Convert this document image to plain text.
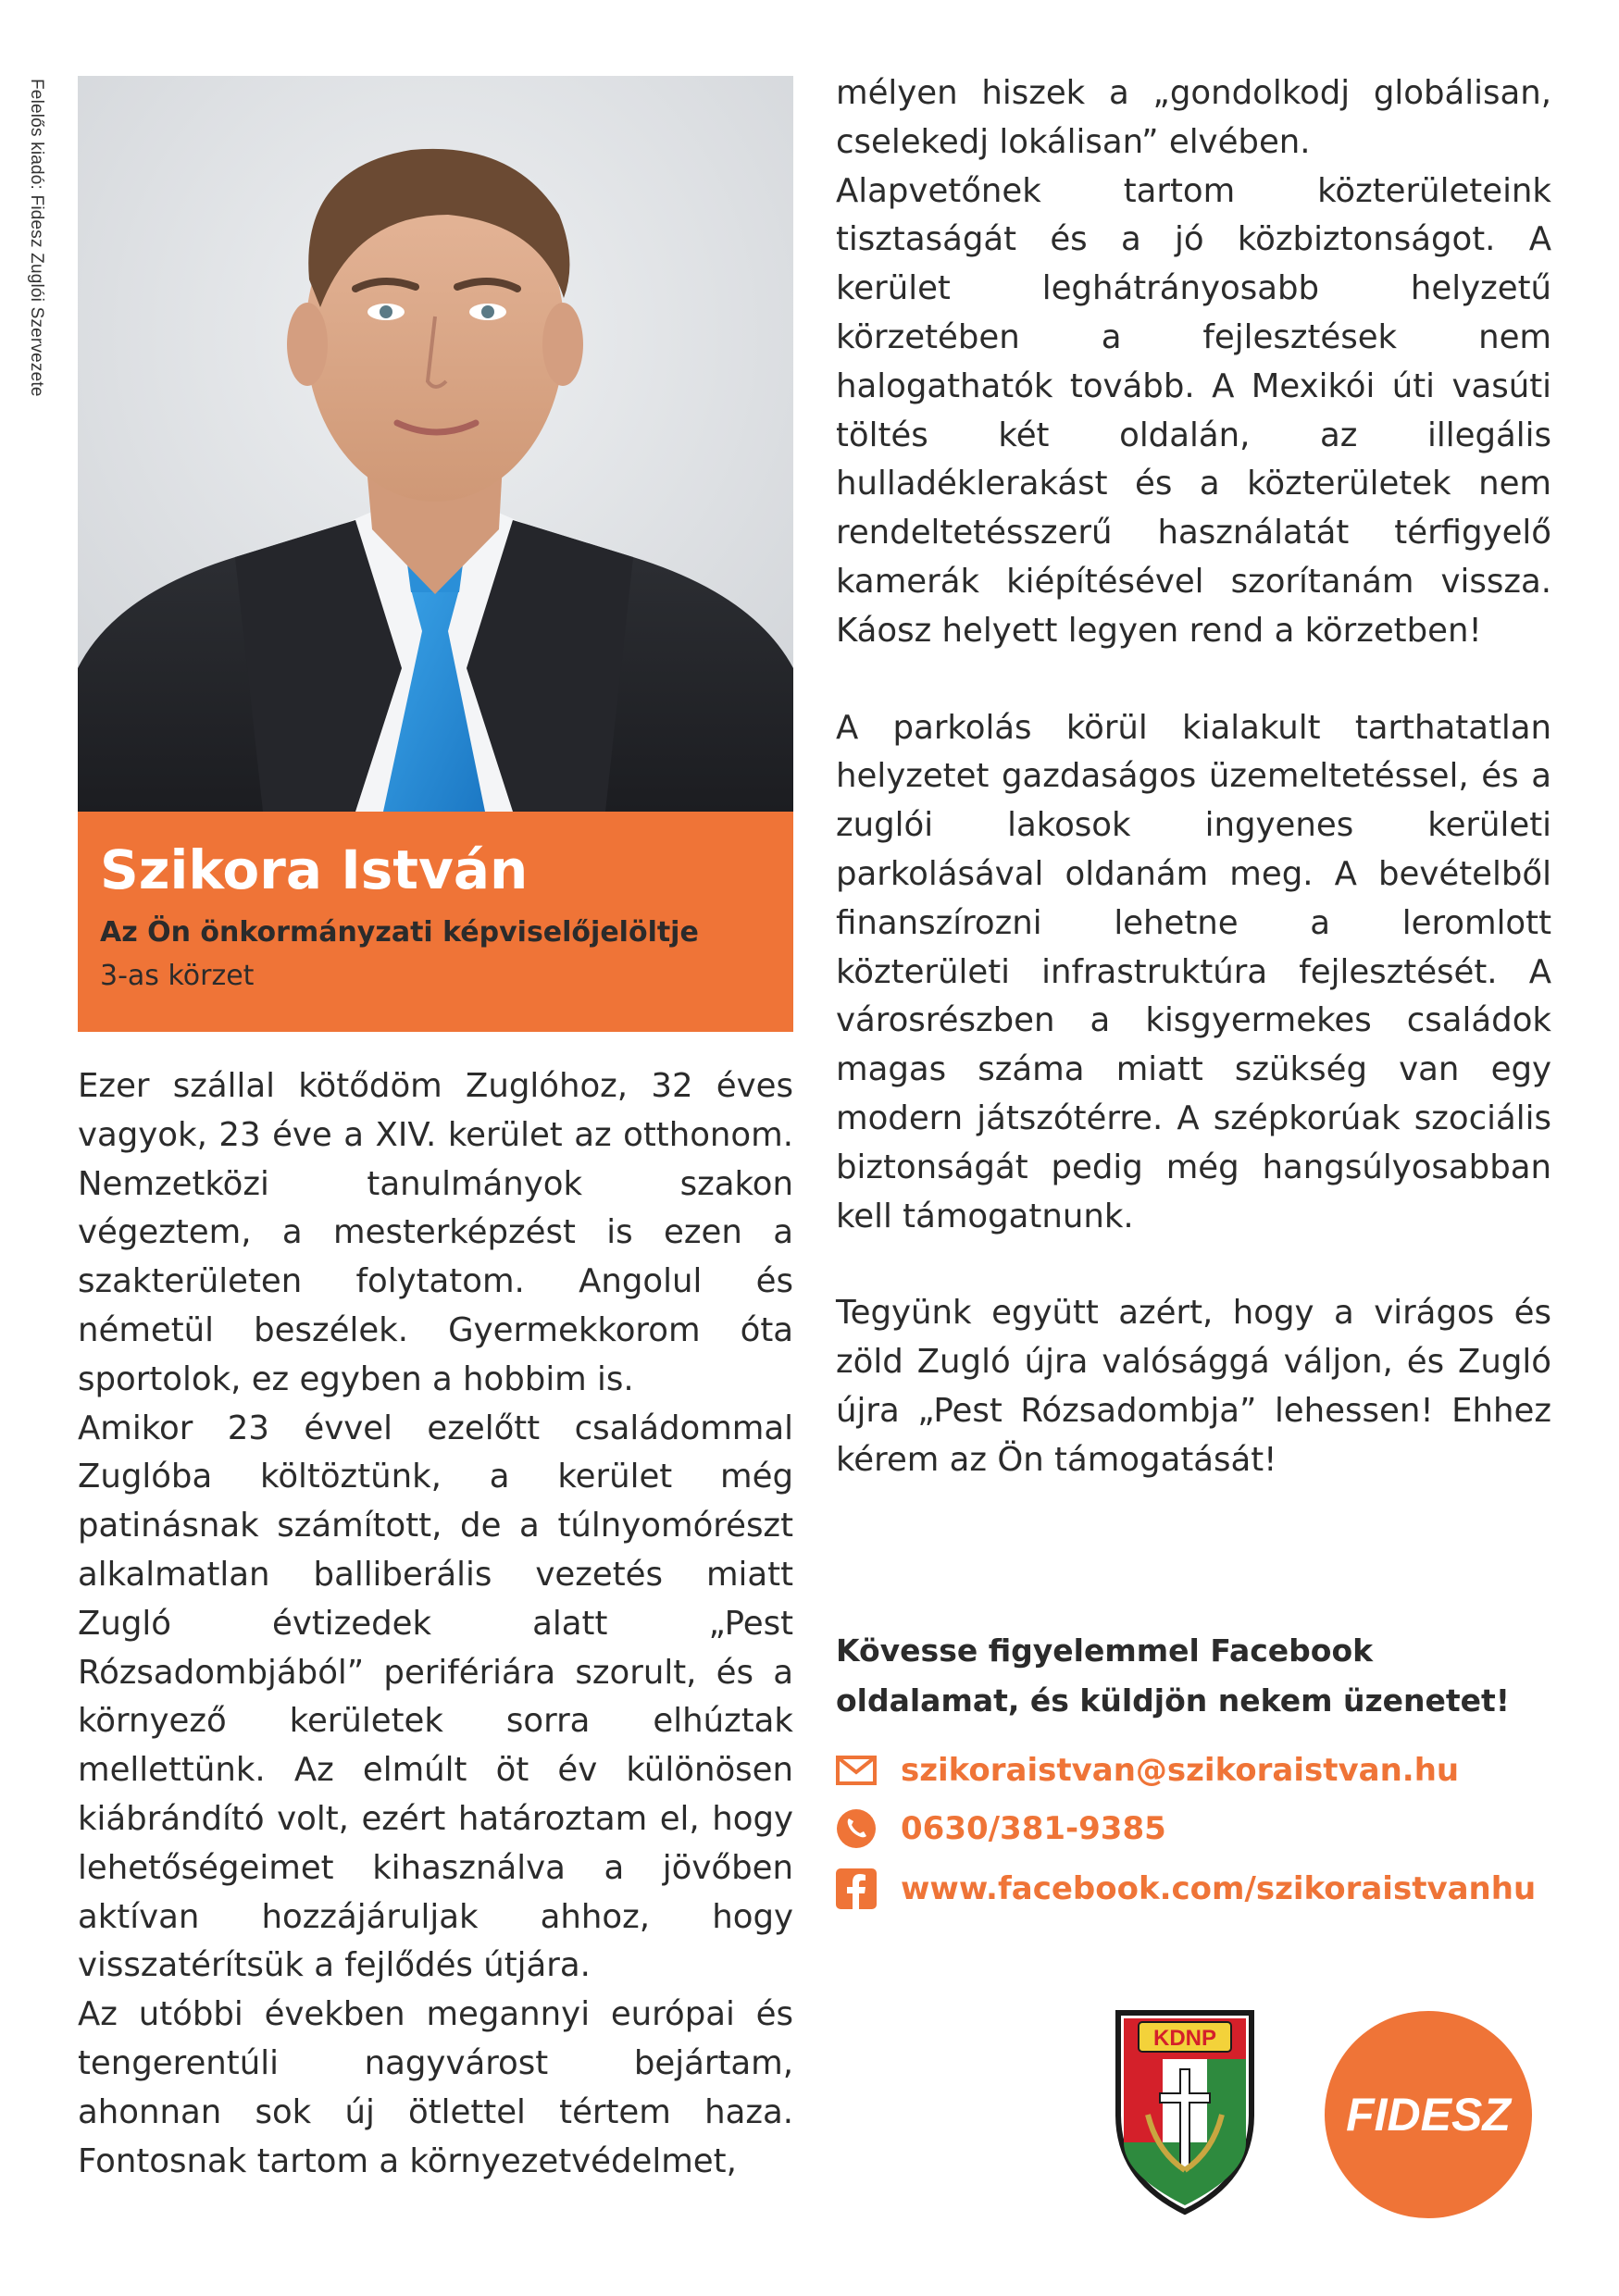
Felelős kiadó: Fidesz Zuglói Szervezete

Szikora István

Az Ön önkormányzati képviselőjelöltje

3-as körzet

Ezer szállal kötődöm Zuglóhoz, 32 éves vagyok, 23 éve a XIV. kerület az otthonom. Nemzetközi tanulmányok szakon végeztem, a mesterképzést is ezen a szakterületen folytatom. Angolul és németül beszélek. Gyermekkorom óta sportolok, ez egyben a hobbim is.

Amikor 23 évvel ezelőtt családommal Zuglóba költöztünk, a kerület még patinásnak számított, de a túlnyomórészt alkalmatlan balliberális vezetés miatt Zugló évtizedek alatt „Pest Rózsadombjából” perifériára szorult, és a környező kerületek sorra elhúztak mellettünk. Az elmúlt öt év különösen kiábrándító volt, ezért határoztam el, hogy lehetőségeimet kihasználva a jövőben aktívan hozzájáruljak ahhoz, hogy visszatérítsük a fejlődés útjára.

Az utóbbi években megannyi európai és tengerentúli nagyvárost bejártam, ahonnan sok új ötlettel tértem haza. Fontosnak tartom a környezetvédelmet,

mélyen hiszek a „gondolkodj globálisan, cselekedj lokálisan” elvében.

Alapvetőnek tartom közterületeink tisztaságát és a jó közbiztonságot. A kerület leghátrányosabb helyzetű körzetében a fejlesztések nem halogathatók tovább. A Mexikói úti vasúti töltés két oldalán, az illegális hulladéklerakást és a közterületek nem rendeltetésszerű használatát térfigyelő kamerák kiépítésével szorítanám vissza. Káosz helyett legyen rend a körzetben!

A parkolás körül kialakult tarthatatlan helyzetet gazdaságos üzemeltetéssel, és a zuglói lakosok ingyenes kerületi parkolásával oldanám meg. A bevételből finanszírozni lehetne a leromlott közterületi infrastruktúra fejlesztését. A városrészben a kisgyermekes családok magas száma miatt szükség van egy modern játszótérre. A szépkorúak szociális biztonságát pedig még hangsúlyosabban kell támogatnunk.

Tegyünk együtt azért, hogy a virágos és zöld Zugló újra valósággá váljon, és Zugló újra „Pest Rózsadombja” lehessen! Ehhez kérem az Ön támogatását!

Kövesse figyelemmel Facebook
oldalamat, és küldjön nekem üzenetet!
szikoraistvan@szikoraistvan.hu
0630/381-9385
www.facebook.com/szikoraistvanhu
KDNP
FIDESZ
